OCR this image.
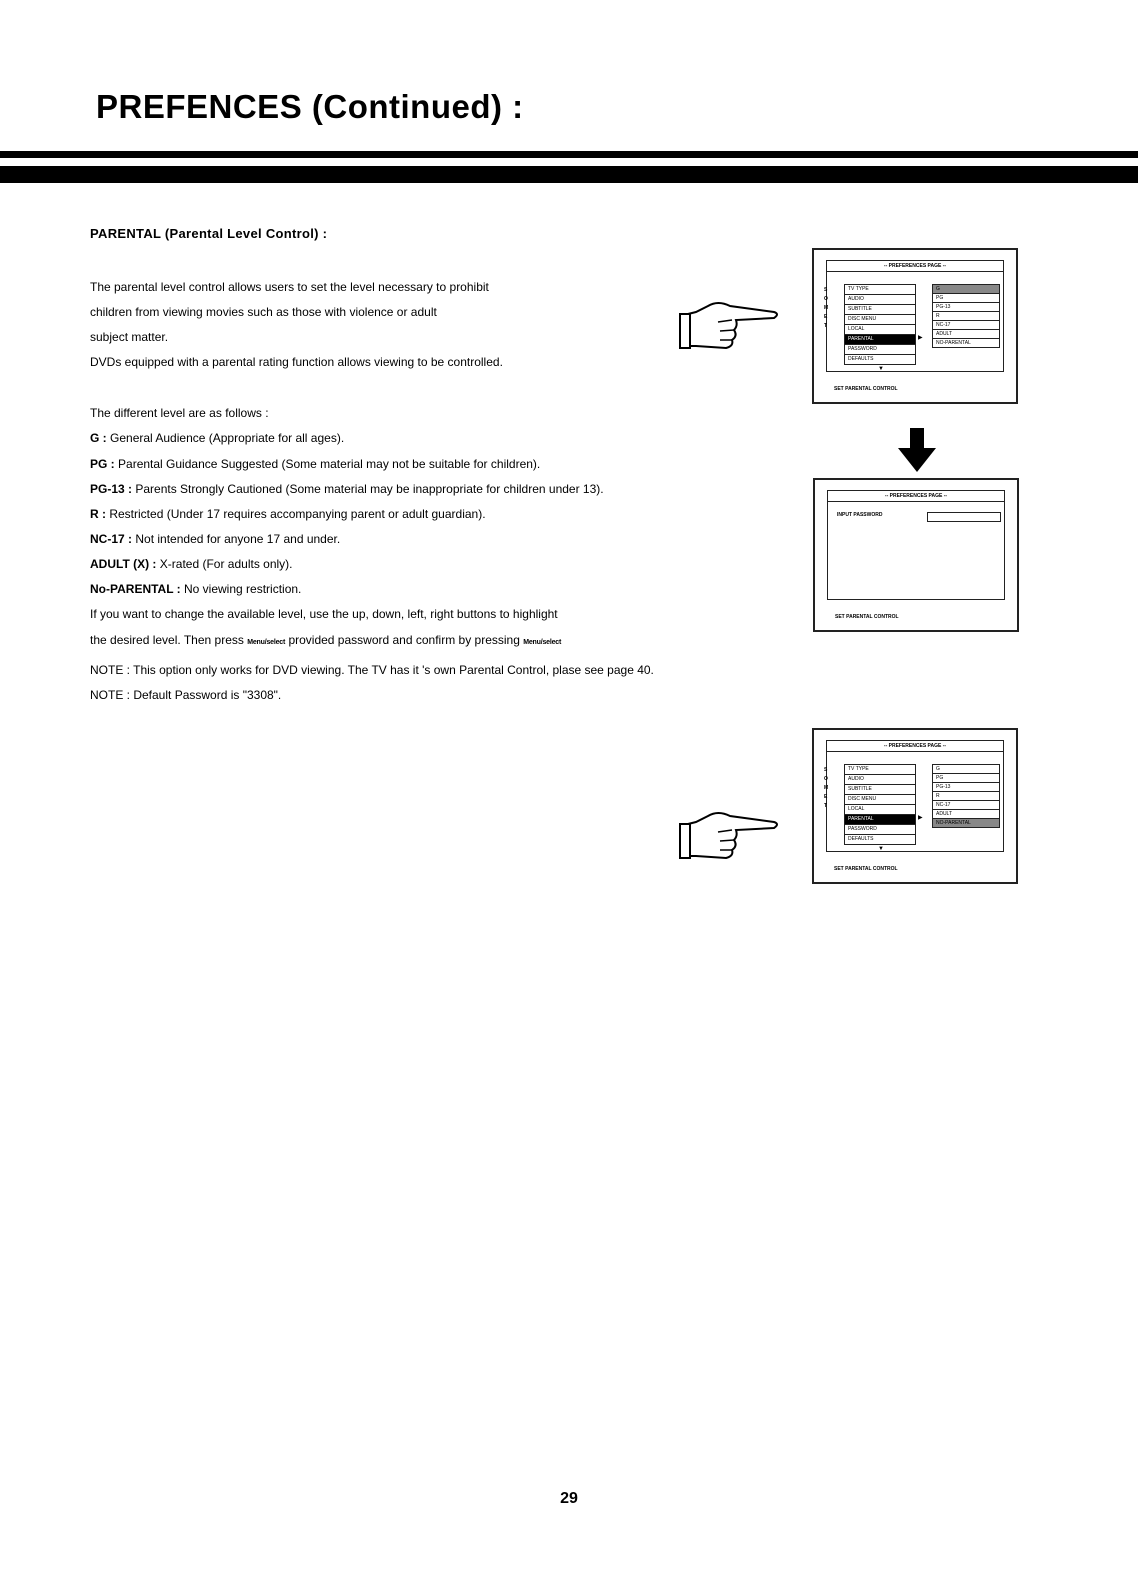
PREFENCES (Continued) :
PARENTAL (Parental Level Control) :
The parental level control allows users to set the level necessary to prohibit
children from viewing movies such as those with violence or adult
subject matter.
DVDs equipped with a parental rating function allows viewing to be controlled.
The different level are as follows :
G : General Audience (Appropriate for all ages).
PG : Parental Guidance Suggested (Some material may not be suitable for children).
PG-13 : Parents Strongly Cautioned (Some material may be inappropriate for children under 13).
R : Restricted (Under 17 requires accompanying parent or adult guardian).
NC-17 : Not intended for anyone 17 and under.
ADULT (X) : X-rated (For adults only).
No-PARENTAL : No viewing restriction.
If you want to change the available level, use the up, down, left, right buttons to highlight
the desired level. Then press Menu/select provided password and confirm by pressing Menu/select
NOTE : This option only works for DVD viewing. The TV has it 's own Parental Control, plase see page 40.
NOTE : Default Password is "3308".
-- PREFERENCES PAGE --
SOMET
TV TYPE
AUDIO
SUBTITLE
DISC MENU
LOCAL
PARENTAL
PASSWORD
DEFAULTS
▶
G
PG
PG-13
R
NC-17
ADULT
NO-PARENTAL
▼
SET PARENTAL CONTROL
-- PREFERENCES PAGE --
INPUT PASSWORD
SET PARENTAL CONTROL
-- PREFERENCES PAGE --
SOMET
TV TYPE
AUDIO
SUBTITLE
DISC MENU
LOCAL
PARENTAL
PASSWORD
DEFAULTS
▶
G
PG
PG-13
R
NC-17
ADULT
NO-PARENTAL
▼
SET PARENTAL CONTROL
29
